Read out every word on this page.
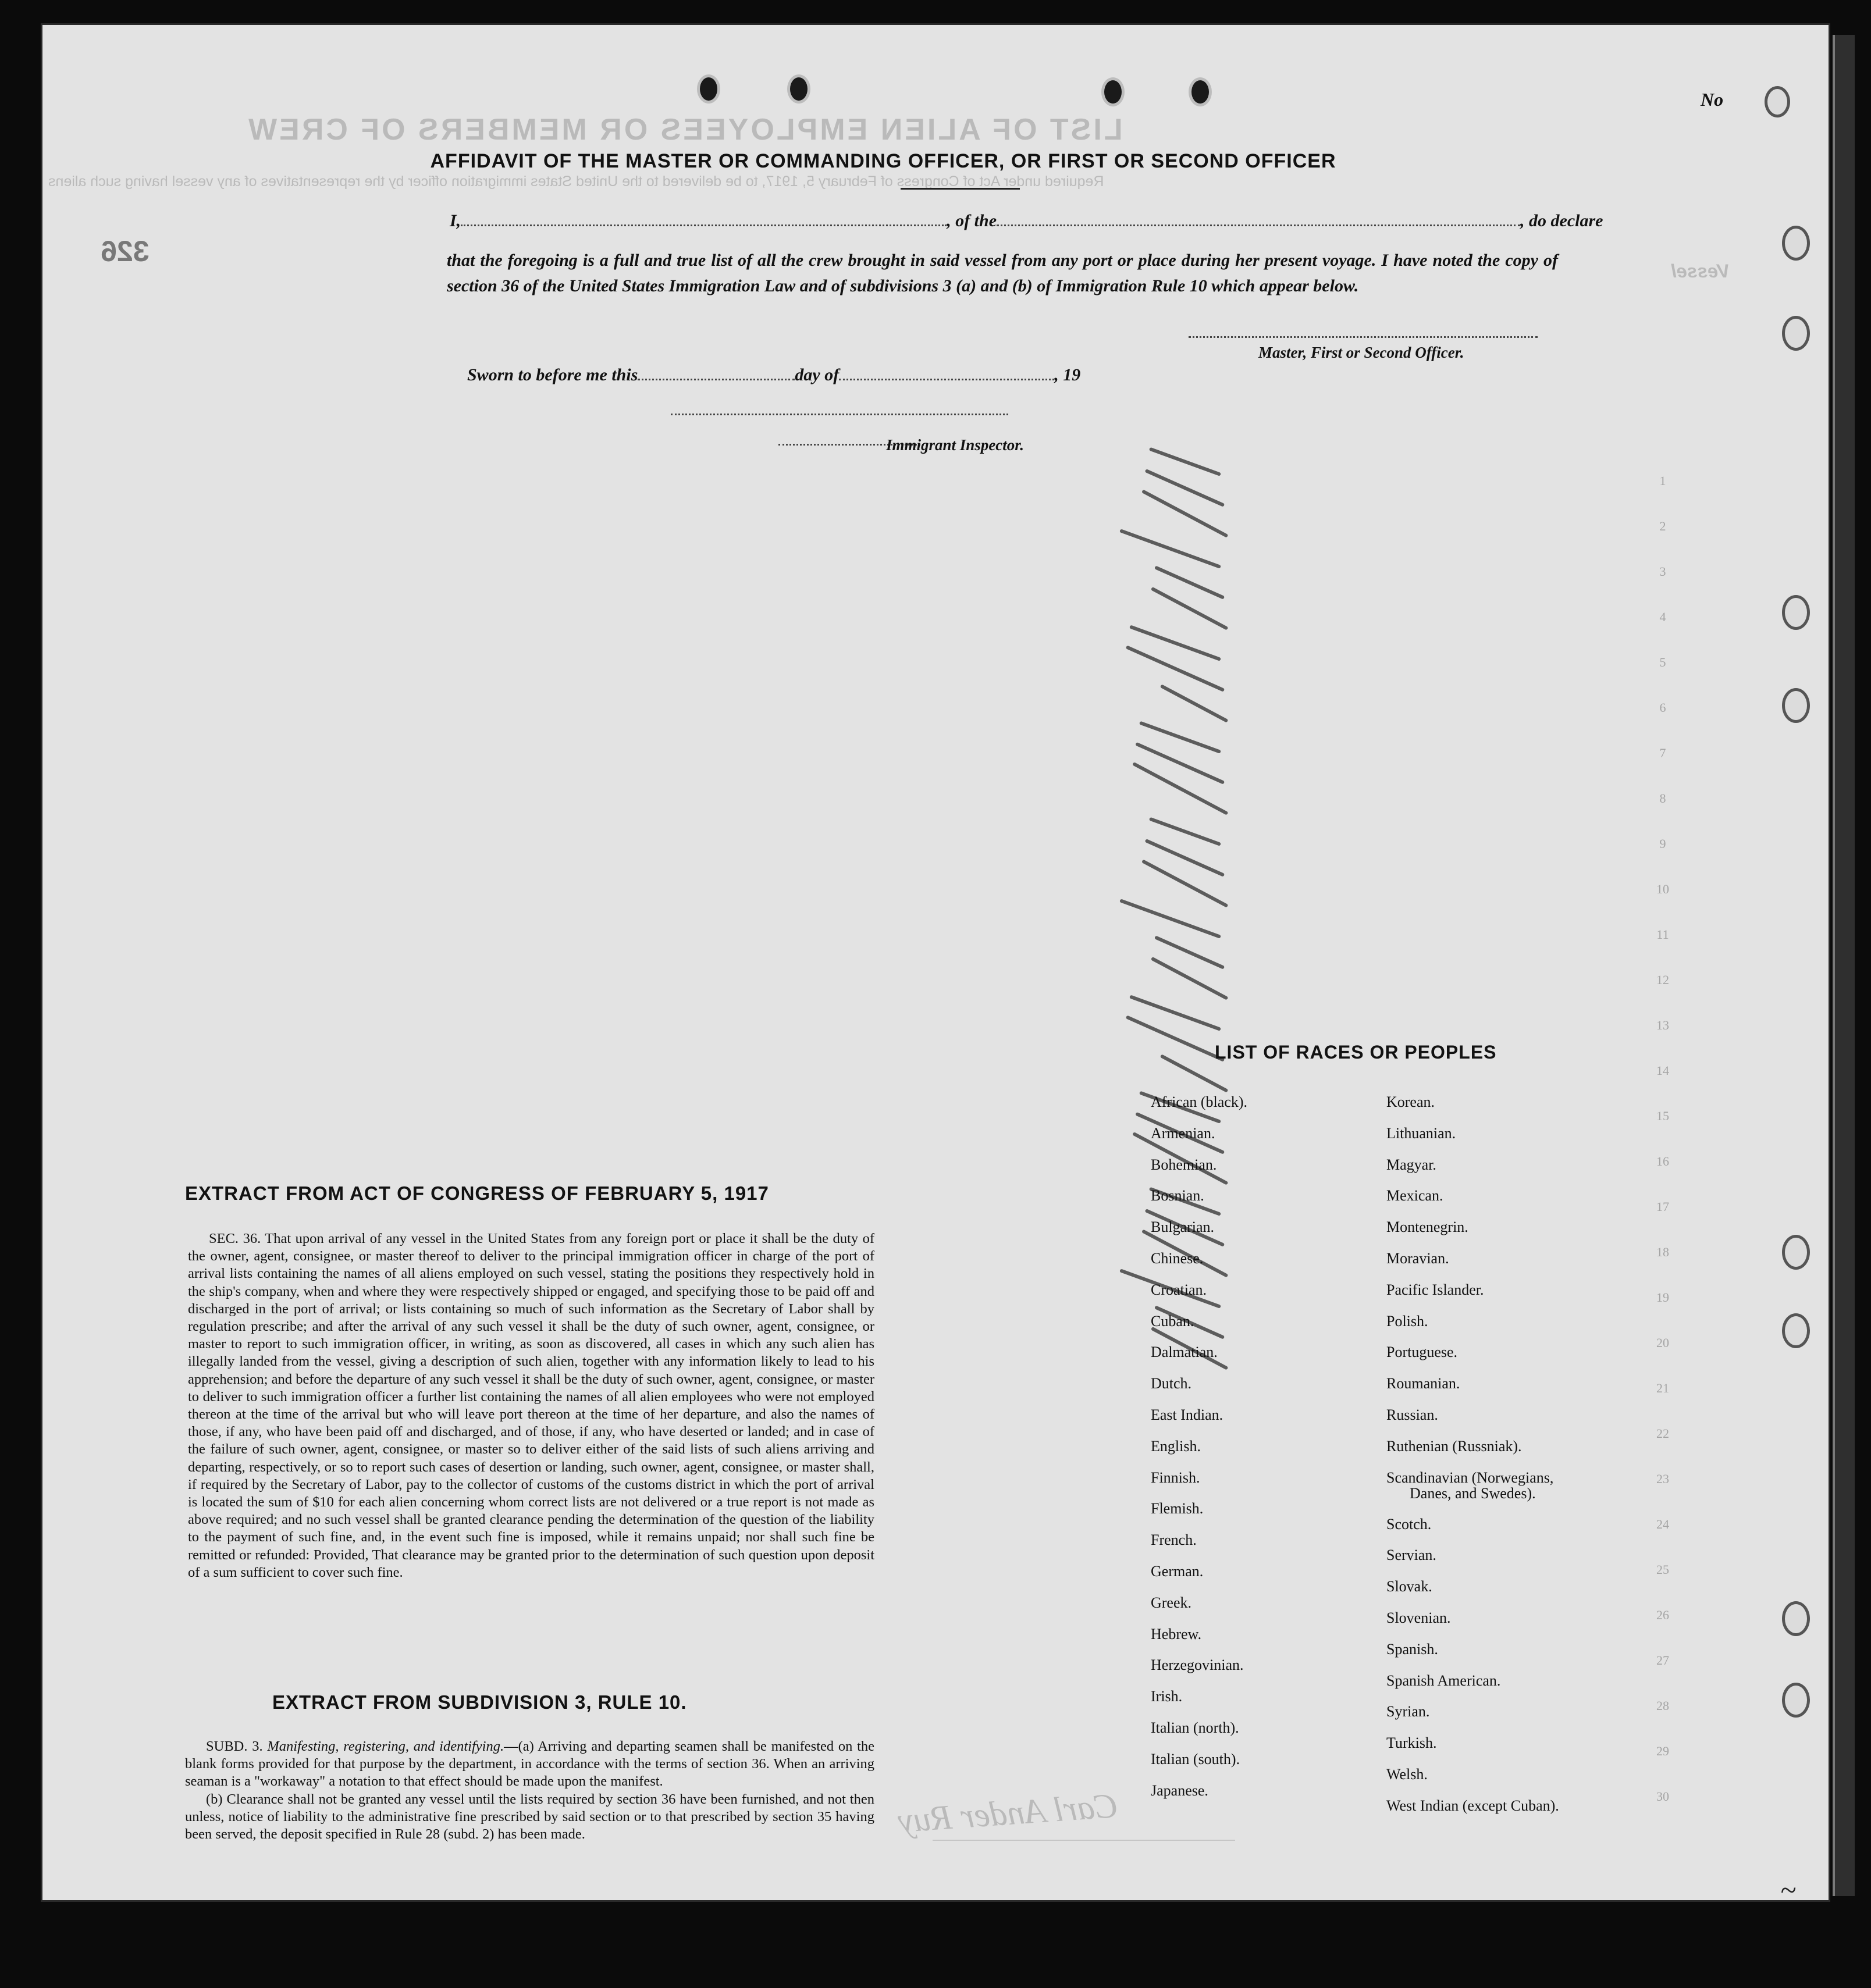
LIST OF ALIEN EMPLOYEES OR MEMBERS OF CREW
Required under Act of Congress of February 5, 1917, to be delivered to the United States immigration officer by the representatives of any vessel having such aliens
Vessel
326
No
AFFIDAVIT OF THE MASTER OR COMMANDING OFFICER, OR FIRST OR SECOND OFFICER
I,	, of the	, do declare
that the foregoing is a full and true list of all the crew brought in said vessel from any port or place during her present voyage. I have noted the copy of section 36 of the United States Immigration Law and of subdivisions 3 (a) and (b) of Immigration Rule 10 which appear below.
Master, First or Second Officer.
Sworn to before me this	day of	, 19
Immigrant Inspector.
1
2
3
4
5
6
7
8
9
10
11
12
13
14
15
16
17
18
19
20
21
22
23
24
25
26
27
28
29
30
EXTRACT FROM ACT OF CONGRESS OF FEBRUARY 5, 1917

SEC. 36. That upon arrival of any vessel in the United States from any foreign port or place it shall be the duty of the owner, agent, consignee, or master thereof to deliver to the principal immigration officer in charge of the port of arrival lists containing the names of all aliens employed on such vessel, stating the positions they respectively hold in the ship's company, when and where they were respectively shipped or engaged, and specifying those to be paid off and discharged in the port of arrival; or lists containing so much of such information as the Secretary of Labor shall by regulation prescribe; and after the arrival of any such vessel it shall be the duty of such owner, agent, consignee, or master to report to such immigration officer, in writing, as soon as discovered, all cases in which any such alien has illegally landed from the vessel, giving a description of such alien, together with any information likely to lead to his apprehension; and before the departure of any such vessel it shall be the duty of such owner, agent, consignee, or master to deliver to such immigration officer a further list containing the names of all alien employees who were not employed thereon at the time of the arrival but who will leave port thereon at the time of her departure, and also the names of those, if any, who have been paid off and discharged, and of those, if any, who have deserted or landed; and in case of the failure of such owner, agent, consignee, or master so to deliver either of the said lists of such aliens arriving and departing, respectively, or so to report such cases of desertion or landing, such owner, agent, consignee, or master shall, if required by the Secretary of Labor, pay to the collector of customs of the customs district in which the port of arrival is located the sum of $10 for each alien concerning whom correct lists are not delivered or a true report is not made as above required; and no such vessel shall be granted clearance pending the determination of the question of the liability to the payment of such fine, and, in the event such fine is imposed, while it remains unpaid; nor shall such fine be remitted or refunded: Provided, That clearance may be granted prior to the determination of such question upon deposit of a sum sufficient to cover such fine.

EXTRACT FROM SUBDIVISION 3, RULE 10.

SUBD. 3. Manifesting, registering, and identifying.—(a) Arriving and departing seamen shall be manifested on the blank forms provided for that purpose by the department, in accordance with the terms of section 36. When an arriving seaman is a "workaway" a notation to that effect should be made upon the manifest.

(b) Clearance shall not be granted any vessel until the lists required by section 36 have been furnished, and not then unless, notice of liability to the administrative fine prescribed by said section or to that prescribed by section 35 having been served, the deposit specified in Rule 28 (subd. 2) has been made.

LIST OF RACES OR PEOPLES
African (black).
Armenian.
Bohemian.
Bosnian.
Bulgarian.
Chinese.
Croatian.
Cuban.
Dalmatian.
Dutch.
East Indian.
English.
Finnish.
Flemish.
French.
German.
Greek.
Hebrew.
Herzegovinian.
Irish.
Italian (north).
Italian (south).
Japanese.
Korean.
Lithuanian.
Magyar.
Mexican.
Montenegrin.
Moravian.
Pacific Islander.
Polish.
Portuguese.
Roumanian.
Russian.
Ruthenian (Russniak).
Scandinavian (Norwegians,
Danes, and Swedes).
Scotch.
Servian.
Slovak.
Slovenian.
Spanish.
Spanish American.
Syrian.
Turkish.
Welsh.
West Indian (except Cuban).
Carl Ander Ruy
~
